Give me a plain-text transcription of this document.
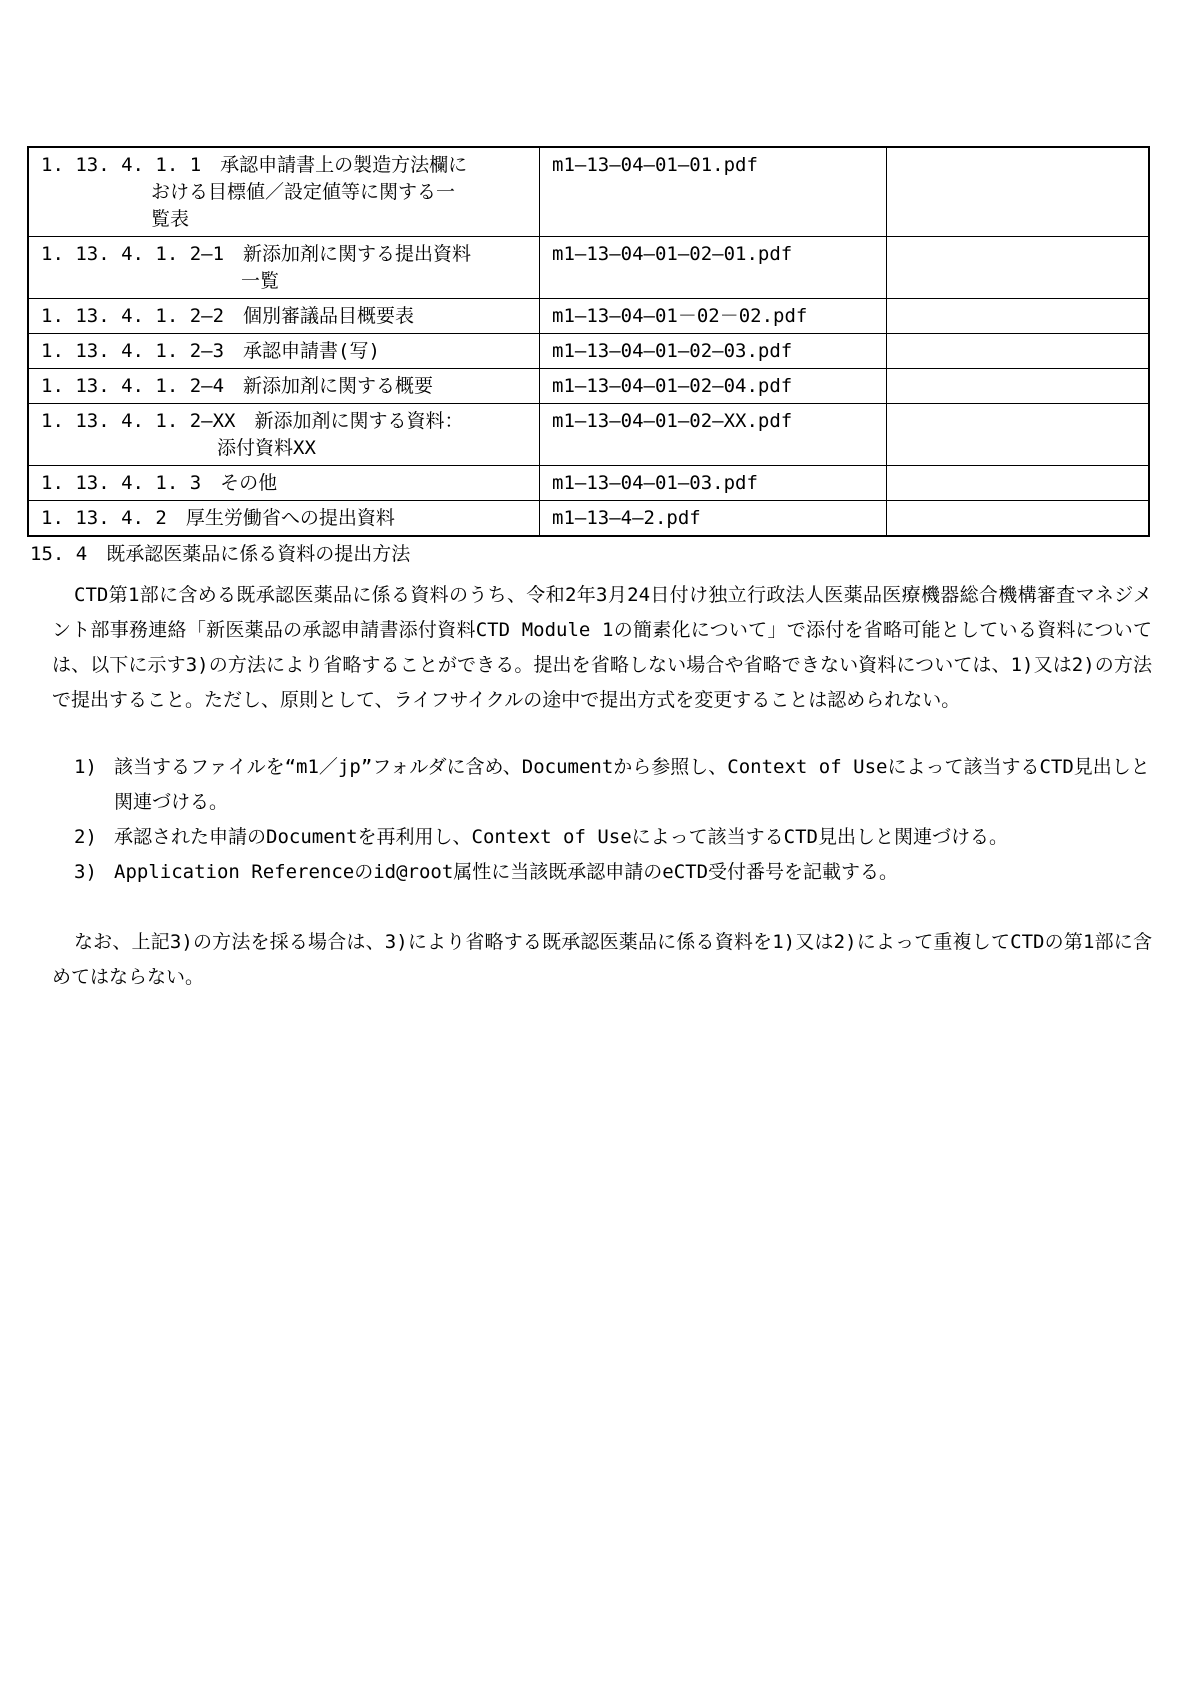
1. 13. 4. 1. 1　 承認申請書上の製造方法欄に
おける目標値／設定値等に関する一
覧表	m1—13—04—01—01.pdf	
1. 13. 4. 1. 2—1　 新添加剤に関する提出資料
一覧	m1—13—04—01—02—01.pdf	
1. 13. 4. 1. 2—2　 個別審議品目概要表	m1—13—04—01－02－02.pdf	
1. 13. 4. 1. 2—3　 承認申請書(写)	m1—13—04—01—02—03.pdf	
1. 13. 4. 1. 2—4　 新添加剤に関する概要	m1—13—04—01—02—04.pdf	
1. 13. 4. 1. 2—XX　 新添加剤に関する資料：
添付資料XX	m1—13—04—01—02—XX.pdf	
1. 13. 4. 1. 3　 その他	m1—13—04—01—03.pdf	
1. 13. 4. 2　 厚生労働省への提出資料	m1—13—4—2.pdf	
15. 4　既承認医薬品に係る資料の提出方法
CTD第1部に含める既承認医薬品に係る資料のうち、令和2年3月24日付け独立行政法人医薬品医療機器総合機構審査マネジメント部事務連絡「新医薬品の承認申請書添付資料CTD Module 1の簡素化について」で添付を省略可能としている資料については、以下に示す3)の方法により省略することができる。提出を省略しない場合や省略できない資料については、1)又は2)の方法で提出すること。ただし、原則として、ライフサイクルの途中で提出方式を変更することは認められない。
1) 該当するファイルを“m1／jp”フォルダに含め、Documentから参照し、Context of Useによって該当するCTD見出しと関連づける。
2) 承認された申請のDocumentを再利用し、Context of Useによって該当するCTD見出しと関連づける。
3) Application Referenceのid@root属性に当該既承認申請のeCTD受付番号を記載する。
なお、上記3)の方法を採る場合は、3)により省略する既承認医薬品に係る資料を1)又は2)によって重複してCTDの第1部に含めてはならない。
